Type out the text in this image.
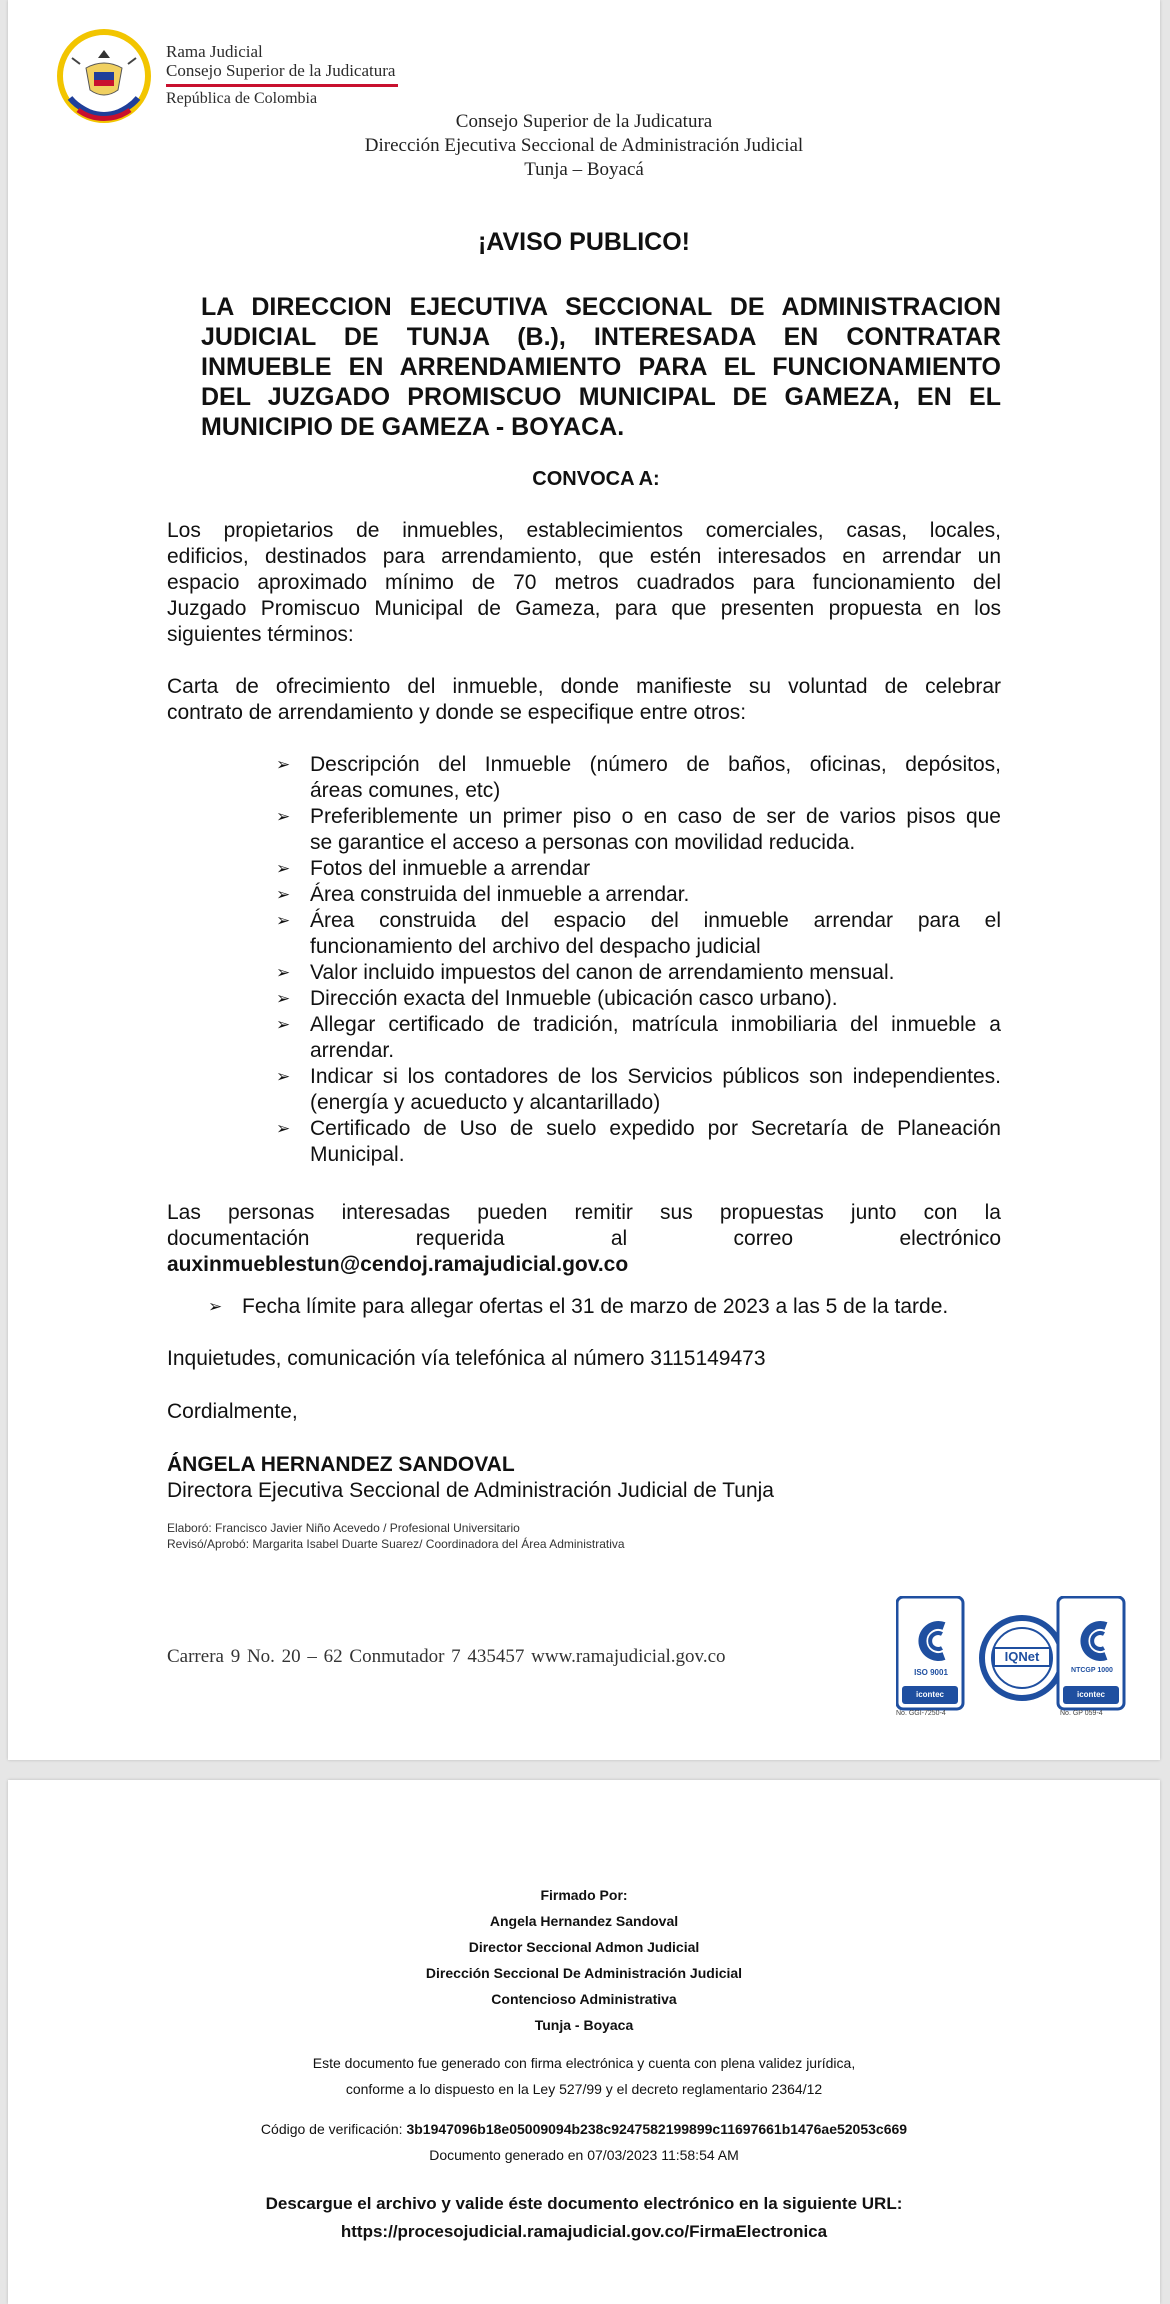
Rama Judicial
Consejo Superior de la Judicatura
República de Colombia
Consejo Superior de la Judicatura
Dirección Ejecutiva Seccional de Administración Judicial
Tunja – Boyacá
¡AVISO PUBLICO!
LA DIRECCION EJECUTIVA SECCIONAL DE ADMINISTRACION
JUDICIAL DE TUNJA (B.), INTERESADA EN CONTRATAR
INMUEBLE EN ARRENDAMIENTO PARA EL FUNCIONAMIENTO
DEL JUZGADO PROMISCUO MUNICIPAL DE GAMEZA, EN EL
MUNICIPIO DE GAMEZA - BOYACA.
CONVOCA A:
Los propietarios de inmuebles, establecimientos comerciales, casas, locales,
edificios, destinados para arrendamiento, que estén interesados en arrendar un
espacio aproximado mínimo de 70 metros cuadrados para funcionamiento del
Juzgado Promiscuo Municipal de Gameza, para que presenten propuesta en los
siguientes términos:
Carta de ofrecimiento del inmueble, donde manifieste su voluntad de celebrar
contrato de arrendamiento y donde se especifique entre otros:
➢ Descripción del Inmueble (número de baños, oficinas, depósitos,
áreas comunes, etc)
➢ Preferiblemente un primer piso o en caso de ser de varios pisos que
se garantice el acceso a personas con movilidad reducida.
➢ Fotos del inmueble a arrendar
➢ Área construida del inmueble a arrendar.
➢ Área construida del espacio del inmueble arrendar para el
funcionamiento del archivo del despacho judicial
➢ Valor incluido impuestos del canon de arrendamiento mensual.
➢ Dirección exacta del Inmueble (ubicación casco urbano).
➢ Allegar certificado de tradición, matrícula inmobiliaria del inmueble a
arrendar.
➢ Indicar si los contadores de los Servicios públicos son independientes.
(energía y acueducto y alcantarillado)
➢ Certificado de Uso de suelo expedido por Secretaría de Planeación
Municipal.
Las personas interesadas pueden remitir sus propuestas junto con la
documentación requerida al correo electrónico
auxinmueblestun@cendoj.ramajudicial.gov.co
➢ Fecha límite para allegar ofertas el 31 de marzo de 2023 a las 5 de la tarde.
Inquietudes, comunicación vía telefónica al número 3115149473
Cordialmente,
ÁNGELA HERNANDEZ SANDOVAL
Directora Ejecutiva Seccional de Administración Judicial de Tunja
Elaboró: Francisco Javier Niño Acevedo / Profesional Universitario
Revisó/Aprobó: Margarita Isabel Duarte Suarez/ Coordinadora del Área Administrativa
Carrera 9 No. 20 – 62 Conmutador 7 435457 www.ramajudicial.gov.co
ISO 9001
icontec
No. GGI-7250-4
IQNet
NTCGP 1000
icontec
No. GP 059-4
Firmado Por:
Angela Hernandez Sandoval
Director Seccional Admon Judicial
Dirección Seccional De Administración Judicial
Contencioso Administrativa
Tunja - Boyaca
Este documento fue generado con firma electrónica y cuenta con plena validez jurídica,
conforme a lo dispuesto en la Ley 527/99 y el decreto reglamentario 2364/12
Código de verificación: 3b1947096b18e05009094b238c9247582199899c11697661b1476ae52053c669
Documento generado en 07/03/2023 11:58:54 AM
Descargue el archivo y valide éste documento electrónico en la siguiente URL:
https://procesojudicial.ramajudicial.gov.co/FirmaElectronica
